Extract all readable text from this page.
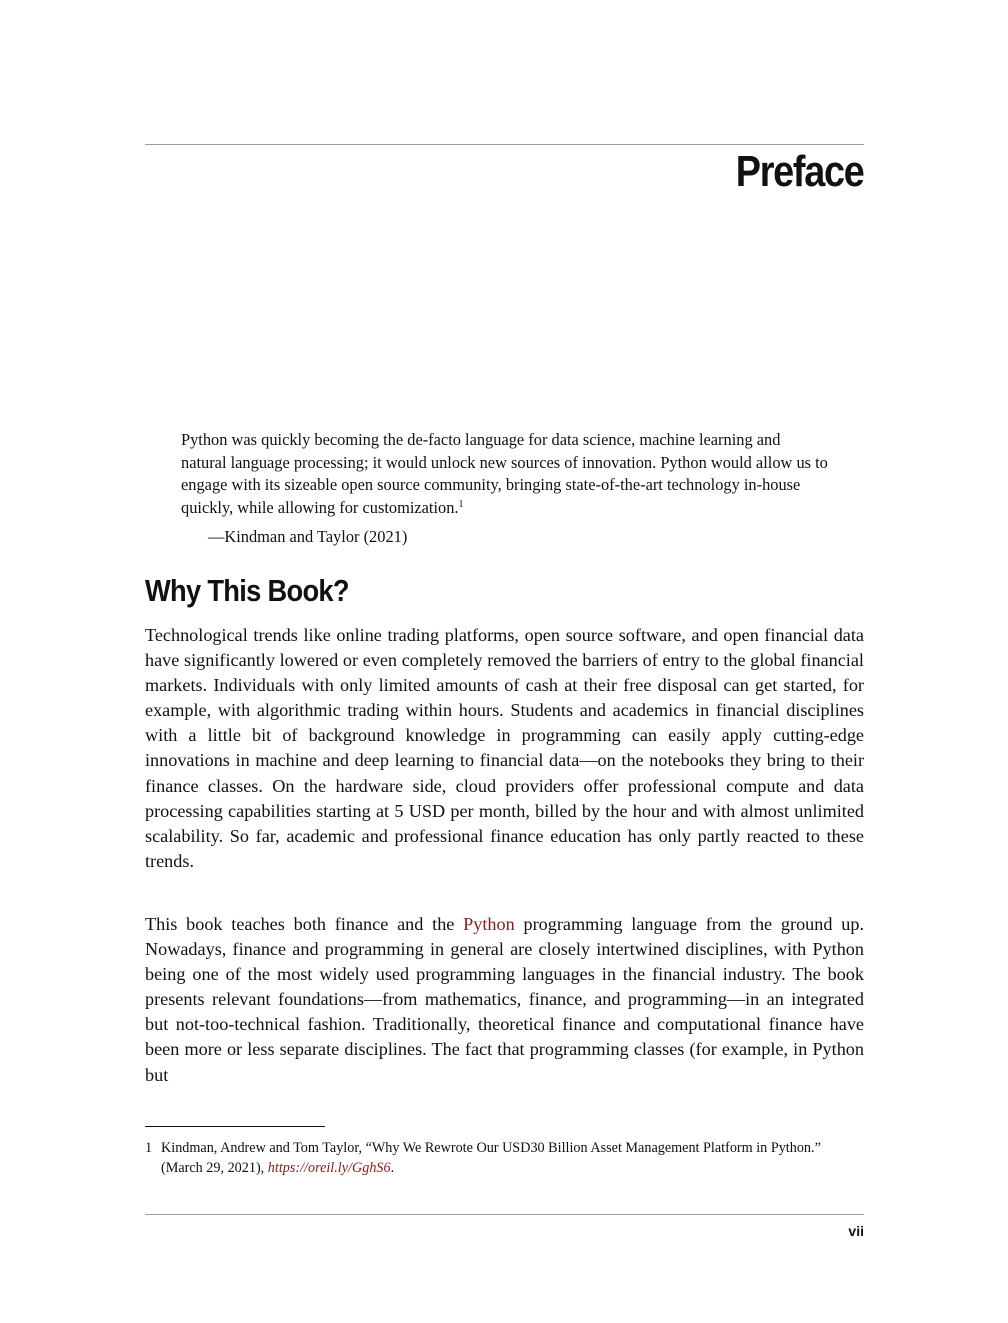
Preface

Python was quickly becoming the de-facto language for data science, machine learning and natural language processing; it would unlock new sources of innovation. Python would allow us to engage with its sizeable open source community, bringing state-of-the-art technology in-house quickly, while allowing for customization.$^1$

—Kindman and Taylor (2021)

Why This Book?

Technological trends like online trading platforms, open source software, and open financial data have significantly lowered or even completely removed the barriers of entry to the global financial markets. Individuals with only limited amounts of cash at their free disposal can get started, for example, with algorithmic trading within hours. Students and academics in financial disciplines with a little bit of background knowledge in programming can easily apply cutting-edge innovations in machine and deep learning to financial data—on the notebooks they bring to their finance classes. On the hardware side, cloud providers offer professional compute and data processing capabilities starting at 5 USD per month, billed by the hour and with almost unlimited scalability. So far, academic and professional finance education has only partly reacted to these trends.

This book teaches both finance and the Python programming language from the ground up. Nowadays, finance and programming in general are closely intertwined disciplines, with Python being one of the most widely used programming languages in the financial industry. The book presents relevant foundations—from mathematics, finance, and programming—in an integrated but not-too-technical fashion. Traditionally, theoretical finance and computational finance have been more or less separate disciplines. The fact that programming classes (for example, in Python but

1 Kindman, Andrew and Tom Taylor, “Why We Rewrote Our USD30 Billion Asset Management Platform in Python.” (March 29, 2021), https://oreil.ly/GghS6.

vii
